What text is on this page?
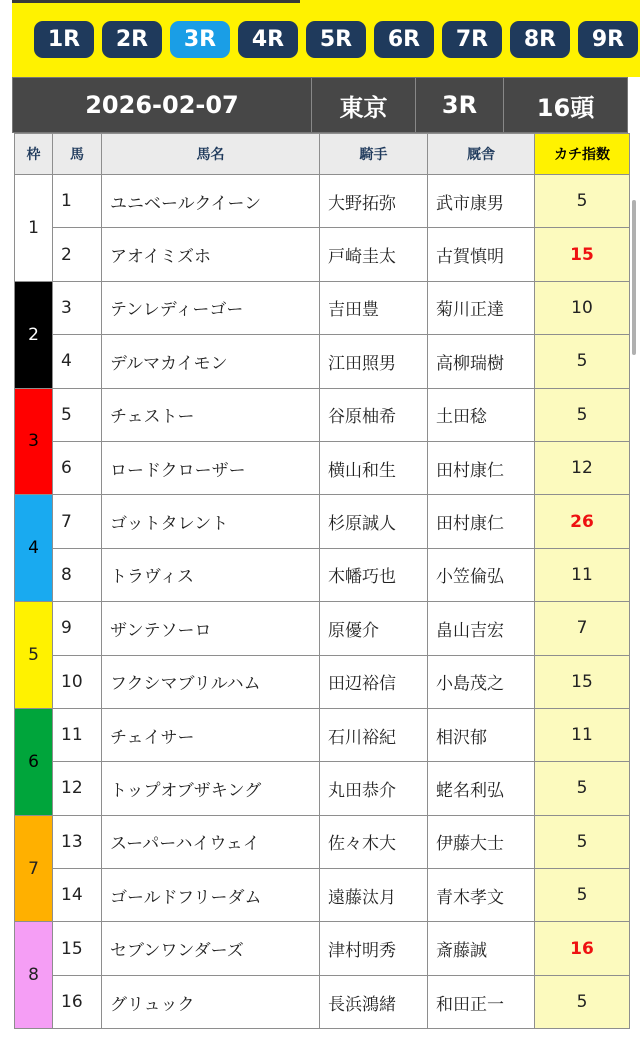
1R	2R	3R	4R	5R	6R	7R	8R	9R
2026-02-07	東京	3R	16頭
枠	馬	馬名	騎手	厩舎	カチ指数
1	1	ユニベールクイーン	大野拓弥	武市康男	5
	2	アオイミズホ	戸崎圭太	古賀慎明	15
2	3	テンレディーゴー	吉田豊	菊川正達	10
	4	デルマカイモン	江田照男	高柳瑞樹	5
3	5	チェストー	谷原柚希	土田稔	5
	6	ロードクローザー	横山和生	田村康仁	12
4	7	ゴットタレント	杉原誠人	田村康仁	26
	8	トラヴィス	木幡巧也	小笠倫弘	11
5	9	ザンテソーロ	原優介	畠山吉宏	7
	10	フクシマブリルハム	田辺裕信	小島茂之	15
6	11	チェイサー	石川裕紀	相沢郁	11
	12	トップオブザキング	丸田恭介	蛯名利弘	5
7	13	スーパーハイウェイ	佐々木大	伊藤大士	5
	14	ゴールドフリーダム	遠藤汰月	青木孝文	5
8	15	セブンワンダーズ	津村明秀	斎藤誠	16
	16	グリュック	長浜鴻緒	和田正一	5
